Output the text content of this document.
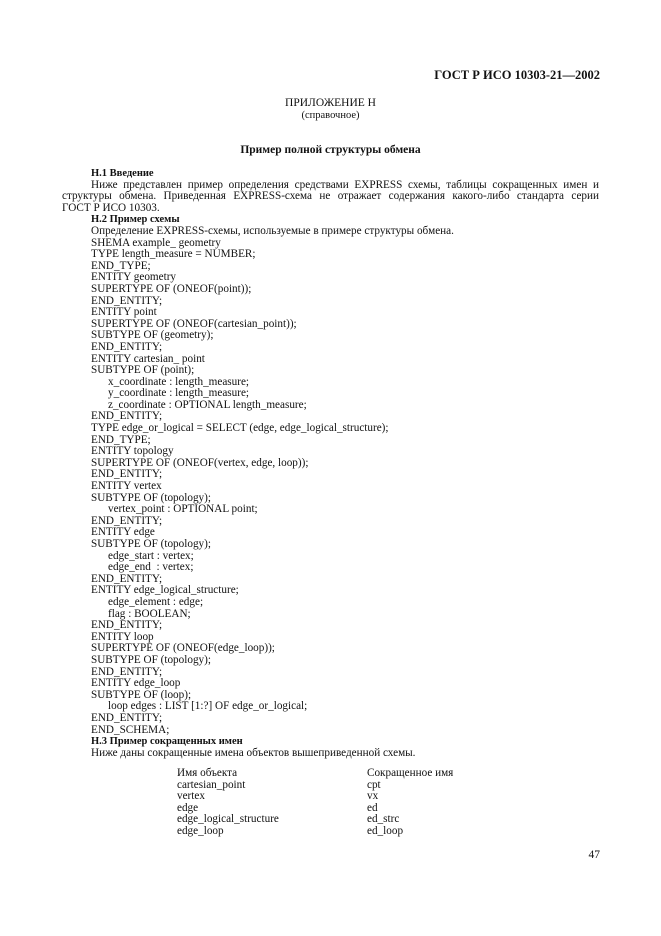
ГОСТ Р ИСО 10303-21—2002
ПРИЛОЖЕНИЕ Н
(справочное)
Пример полной структуры обмена

Н.1 Введение

Ниже представлен пример определения средствами EXPRESS схемы, таблицы сокращенных имен и

структуры обмена. Приведенная EXPRESS-схема не отражает содержания какого-либо стандарта серии

ГОСТ Р ИСО 10303.

Н.2 Пример схемы

Определение EXPRESS-схемы, используемые в примере структуры обмена.

SHEMA example_ geometry
TYPE length_measure = NUMBER;
END_TYPE;
ENTITY geometry
SUPERTYPE OF (ONEOF(point));
END_ENTITY;
ENTITY point
SUPERTYPE OF (ONEOF(cartesian_point));
SUBTYPE OF (geometry);
END_ENTITY;
ENTITY cartesian_ point
SUBTYPE OF (point);
x_coordinate : length_measure;
y_coordinate : length_measure;
z_coordinate : OPTIONAL length_measure;
END_ENTITY;
TYPE edge_or_logical = SELECT (edge, edge_logical_structure);
END_TYPE;
ENTITY topology
SUPERTYPE OF (ONEOF(vertex, edge, loop));
END_ENTITY;
ENTITY vertex
SUBTYPE OF (topology);
vertex_point : OPTIONAL point;
END_ENTITY;
ENTITY edge
SUBTYPE OF (topology);
edge_start : vertex;
edge_end  : vertex;
END_ENTITY;
ENTITY edge_logical_structure;
edge_element : edge;
flag : BOOLEAN;
END_ENTITY;
ENTITY loop
SUPERTYPE OF (ONEOF(edge_loop));
SUBTYPE OF (topology);
END_ENTITY;
ENTITY edge_loop
SUBTYPE OF (loop);
loop edges : LIST [1:?] OF edge_or_logical;
END_ENTITY;
END_SCHEMA;

Н.3 Пример сокращенных имен

Ниже даны сокращенные имена объектов вышеприведенной схемы.

Имя объекта	Сокращенное имя
cartesian_point	cpt
vertex	vx
edge	ed
edge_logical_structure	ed_strc
edge_loop	ed_loop
47
